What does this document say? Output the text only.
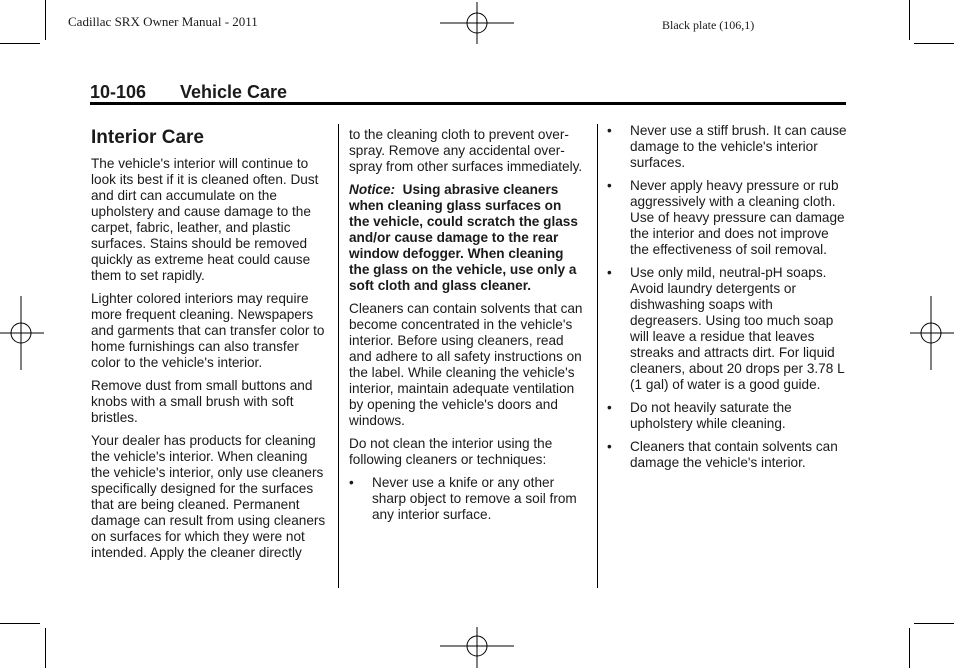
Cadillac SRX Owner Manual - 2011	Black plate (106,1)
10-106 Vehicle Care
Interior Care

The vehicle's interior will continue to look its best if it is cleaned often. Dust and dirt can accumulate on the upholstery and cause damage to the carpet, fabric, leather, and plastic surfaces. Stains should be removed quickly as extreme heat could cause them to set rapidly.

Lighter colored interiors may require more frequent cleaning. Newspapers and garments that can transfer color to home furnishings can also transfer color to the vehicle's interior.

Remove dust from small buttons and knobs with a small brush with soft bristles.

Your dealer has products for cleaning the vehicle's interior. When cleaning the vehicle's interior, only use cleaners specifically designed for the surfaces that are being cleaned. Permanent damage can result from using cleaners on surfaces for which they were not intended. Apply the cleaner directly

to the cleaning cloth to prevent over-spray. Remove any accidental over-spray from other surfaces immediately.

Notice: Using abrasive cleaners when cleaning glass surfaces on the vehicle, could scratch the glass and/or cause damage to the rear window defogger. When cleaning the glass on the vehicle, use only a soft cloth and glass cleaner.

Cleaners can contain solvents that can become concentrated in the vehicle's interior. Before using cleaners, read and adhere to all safety instructions on the label. While cleaning the vehicle's interior, maintain adequate ventilation by opening the vehicle's doors and windows.

Do not clean the interior using the following cleaners or techniques:

• Never use a knife or any other sharp object to remove a soil from any interior surface.
• Never use a stiff brush. It can cause damage to the vehicle's interior surfaces.
• Never apply heavy pressure or rub aggressively with a cleaning cloth. Use of heavy pressure can damage the interior and does not improve the effectiveness of soil removal.
• Use only mild, neutral-pH soaps. Avoid laundry detergents or dishwashing soaps with degreasers. Using too much soap will leave a residue that leaves streaks and attracts dirt. For liquid cleaners, about 20 drops per 3.78 L (1 gal) of water is a good guide.
• Do not heavily saturate the upholstery while cleaning.
• Cleaners that contain solvents can damage the vehicle's interior.
